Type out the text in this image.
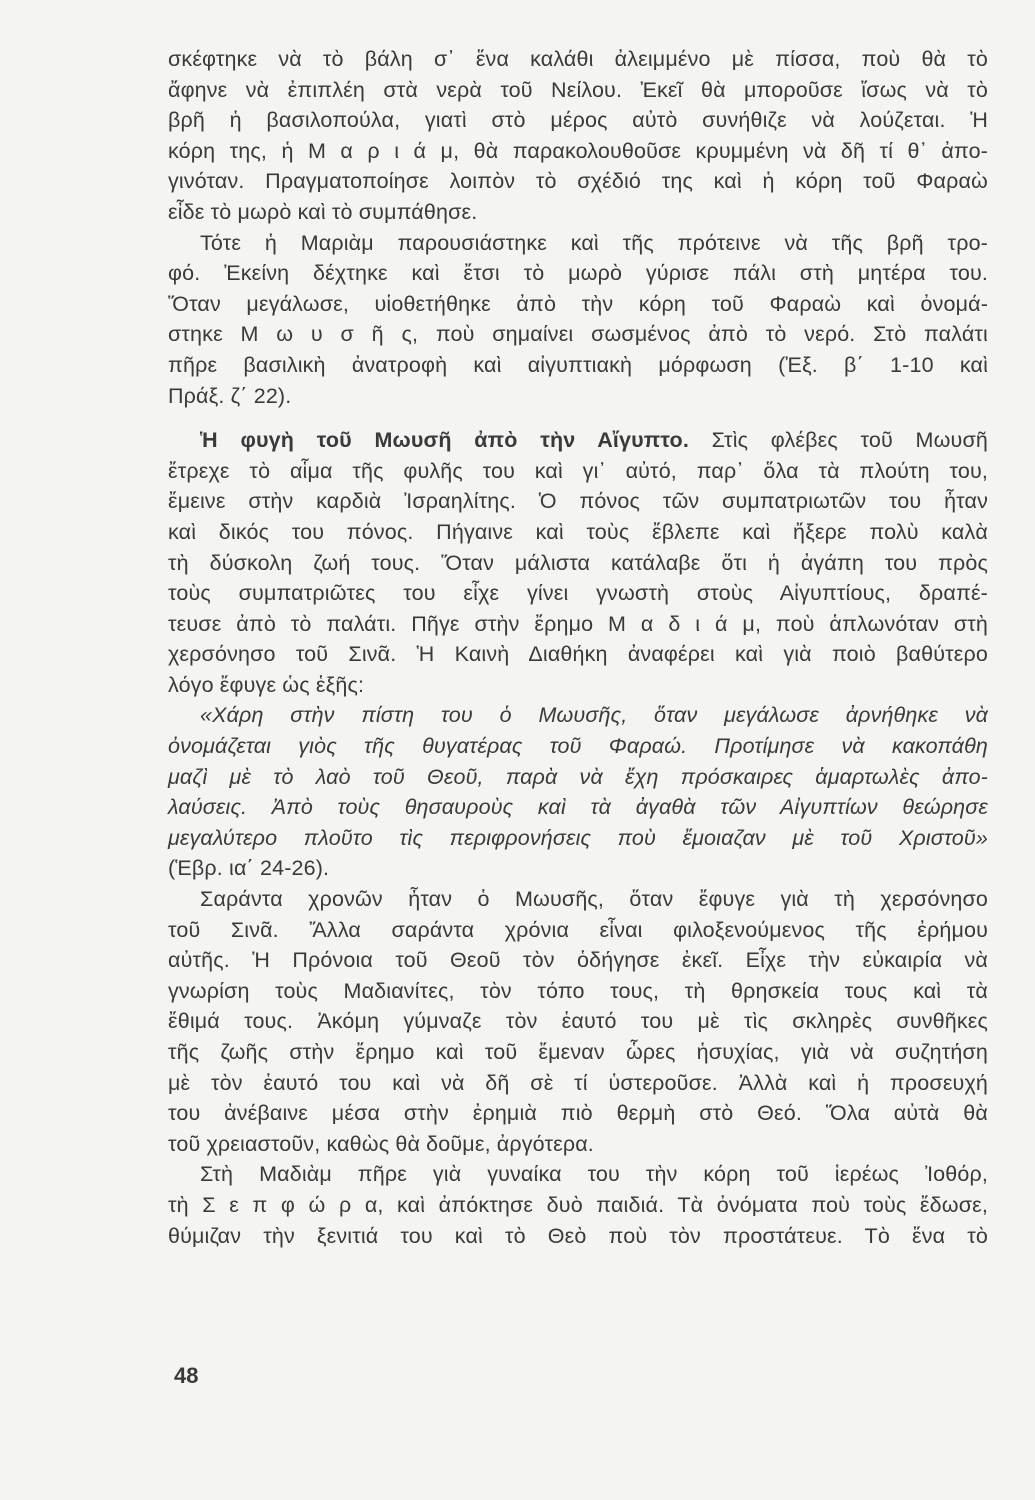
σκέφτηκε νὰ τὸ βάλη σ᾽ ἕνα καλάθι ἀλειμμένο μὲ πίσσα, ποὺ θὰ τὸ
ἄφηνε νὰ ἐπιπλέη στὰ νερὰ τοῦ Νείλου. Ἐκεῖ θὰ μποροῦσε ἴσως νὰ τὸ
βρῆ ἡ βασιλοπούλα, γιατὶ στὸ μέρος αὐτὸ συνήθιζε νὰ λούζεται. Ἡ
κόρη της, ἡ Μ α ρ ι ά μ, θὰ παρακολουθοῦσε κρυμμένη νὰ δῆ τί θ᾽ ἀπο-
γινόταν. Πραγματοποίησε λοιπὸν τὸ σχέδιό της καὶ ἡ κόρη τοῦ Φαραὼ
εἶδε τὸ μωρὸ καὶ τὸ συμπάθησε.
Τότε ἡ Μαριὰμ παρουσιάστηκε καὶ τῆς πρότεινε νὰ τῆς βρῆ τρο-
φό. Ἐκείνη δέχτηκε καὶ ἔτσι τὸ μωρὸ γύρισε πάλι στὴ μητέρα του.
Ὅταν μεγάλωσε, υἱοθετήθηκε ἀπὸ τὴν κόρη τοῦ Φαραὼ καὶ ὀνομά-
στηκε Μ ω υ σ ῆ ς, ποὺ σημαίνει σωσμένος ἀπὸ τὸ νερό. Στὸ παλάτι
πῆρε βασιλικὴ ἀνατροφὴ καὶ αἰγυπτιακὴ μόρφωση (Ἐξ. β΄ 1-10 καὶ
Πράξ. ζ΄ 22).
Ἡ φυγὴ τοῦ Μωυσῆ ἀπὸ τὴν Αἴγυπτο. Στὶς φλέβες τοῦ Μωυσῆ
ἔτρεχε τὸ αἷμα τῆς φυλῆς του καὶ γι᾽ αὐτό, παρ᾽ ὅλα τὰ πλούτη του,
ἔμεινε στὴν καρδιὰ Ἰσραηλίτης. Ὁ πόνος τῶν συμπατριωτῶν του ἦταν
καὶ δικός του πόνος. Πήγαινε καὶ τοὺς ἔβλεπε καὶ ἤξερε πολὺ καλὰ
τὴ δύσκολη ζωή τους. Ὅταν μάλιστα κατάλαβε ὅτι ἡ ἀγάπη του πρὸς
τοὺς συμπατριῶτες του εἶχε γίνει γνωστὴ στοὺς Αἰγυπτίους, δραπέ-
τευσε ἀπὸ τὸ παλάτι. Πῆγε στὴν ἔρημο Μ α δ ι ά μ, ποὺ ἁπλωνόταν στὴ
χερσόνησο τοῦ Σινᾶ. Ἡ Καινὴ Διαθήκη ἀναφέρει καὶ γιὰ ποιὸ βαθύτερο
λόγο ἔφυγε ὡς ἑξῆς:
«Χάρη στὴν πίστη του ὁ Μωυσῆς, ὅταν μεγάλωσε ἀρνήθηκε νὰ
ὀνομάζεται γιὸς τῆς θυγατέρας τοῦ Φαραώ. Προτίμησε νὰ κακοπάθη
μαζὶ μὲ τὸ λαὸ τοῦ Θεοῦ, παρὰ νὰ ἔχη πρόσκαιρες ἁμαρτωλὲς ἀπο-
λαύσεις. Ἀπὸ τοὺς θησαυροὺς καὶ τὰ ἀγαθὰ τῶν Αἰγυπτίων θεώρησε
μεγαλύτερο πλοῦτο τὶς περιφρονήσεις ποὺ ἔμοιαζαν μὲ τοῦ Χριστοῦ»
(Ἑβρ. ια΄ 24-26).
Σαράντα χρονῶν ἦταν ὁ Μωυσῆς, ὅταν ἔφυγε γιὰ τὴ χερσόνησο
τοῦ Σινᾶ. Ἄλλα σαράντα χρόνια εἶναι φιλοξενούμενος τῆς ἐρήμου
αὐτῆς. Ἡ Πρόνοια τοῦ Θεοῦ τὸν ὁδήγησε ἐκεῖ. Εἶχε τὴν εὐκαιρία νὰ
γνωρίση τοὺς Μαδιανίτες, τὸν τόπο τους, τὴ θρησκεία τους καὶ τὰ
ἔθιμά τους. Ἀκόμη γύμναζε τὸν ἑαυτό του μὲ τὶς σκληρὲς συνθῆκες
τῆς ζωῆς στὴν ἔρημο καὶ τοῦ ἔμεναν ὧρες ἡσυχίας, γιὰ νὰ συζητήση
μὲ τὸν ἑαυτό του καὶ νὰ δῆ σὲ τί ὑστεροῦσε. Ἀλλὰ καὶ ἡ προσευχή
του ἀνέβαινε μέσα στὴν ἐρημιὰ πιὸ θερμὴ στὸ Θεό. Ὅλα αὐτὰ θὰ
τοῦ χρειαστοῦν, καθὼς θὰ δοῦμε, ἀργότερα.
Στὴ Μαδιὰμ πῆρε γιὰ γυναίκα του τὴν κόρη τοῦ ἱερέως Ἰοθόρ,
τὴ Σ ε π φ ώ ρ α, καὶ ἀπόκτησε δυὸ παιδιά. Τὰ ὀνόματα ποὺ τοὺς ἔδωσε,
θύμιζαν τὴν ξενιτιά του καὶ τὸ Θεὸ ποὺ τὸν προστάτευε. Τὸ ἕνα τὸ
48
